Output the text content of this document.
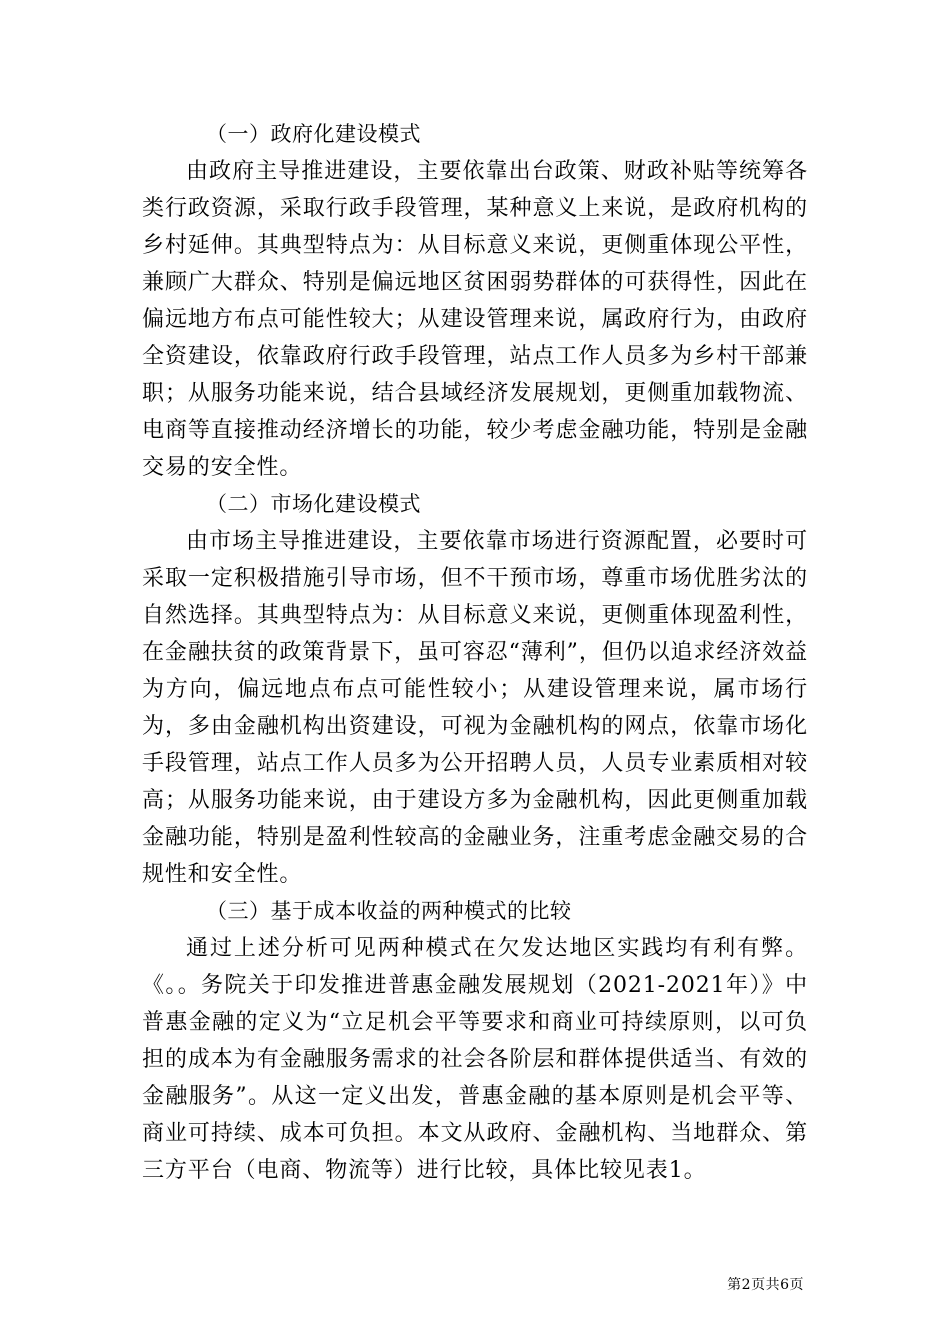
（一）政府化建设模式

由政府主导推进建设，主要依靠出台政策、财政补贴等统筹各类行政资源，采取行政手段管理，某种意义上来说，是政府机构的乡村延伸。其典型特点为：从目标意义来说，更侧重体现公平性，兼顾广大群众、特别是偏远地区贫困弱势群体的可获得性，因此在偏远地方布点可能性较大；从建设管理来说，属政府行为，由政府全资建设，依靠政府行政手段管理，站点工作人员多为乡村干部兼职；从服务功能来说，结合县域经济发展规划，更侧重加载物流、电商等直接推动经济增长的功能，较少考虑金融功能，特别是金融交易的安全性。

（二）市场化建设模式

由市场主导推进建设，主要依靠市场进行资源配置，必要时可采取一定积极措施引导市场，但不干预市场，尊重市场优胜劣汰的自然选择。其典型特点为：从目标意义来说，更侧重体现盈利性，在金融扶贫的政策背景下，虽可容忍“薄利”，但仍以追求经济效益为方向，偏远地点布点可能性较小；从建设管理来说，属市场行为，多由金融机构出资建设，可视为金融机构的网点，依靠市场化手段管理，站点工作人员多为公开招聘人员，人员专业素质相对较高；从服务功能来说，由于建设方多为金融机构，因此更侧重加载金融功能，特别是盈利性较高的金融业务，注重考虑金融交易的合规性和安全性。

（三）基于成本收益的两种模式的比较

通过上述分析可见两种模式在欠发达地区实践均有利有弊。《。。务院关于印发推进普惠金融发展规划（2021-2021年）》中普惠金融的定义为“立足机会平等要求和商业可持续原则，以可负担的成本为有金融服务需求的社会各阶层和群体提供适当、有效的金融服务”。从这一定义出发，普惠金融的基本原则是机会平等、商业可持续、成本可负担。本文从政府、金融机构、当地群众、第三方平台（电商、物流等）进行比较，具体比较见表1。

第2页共6页
